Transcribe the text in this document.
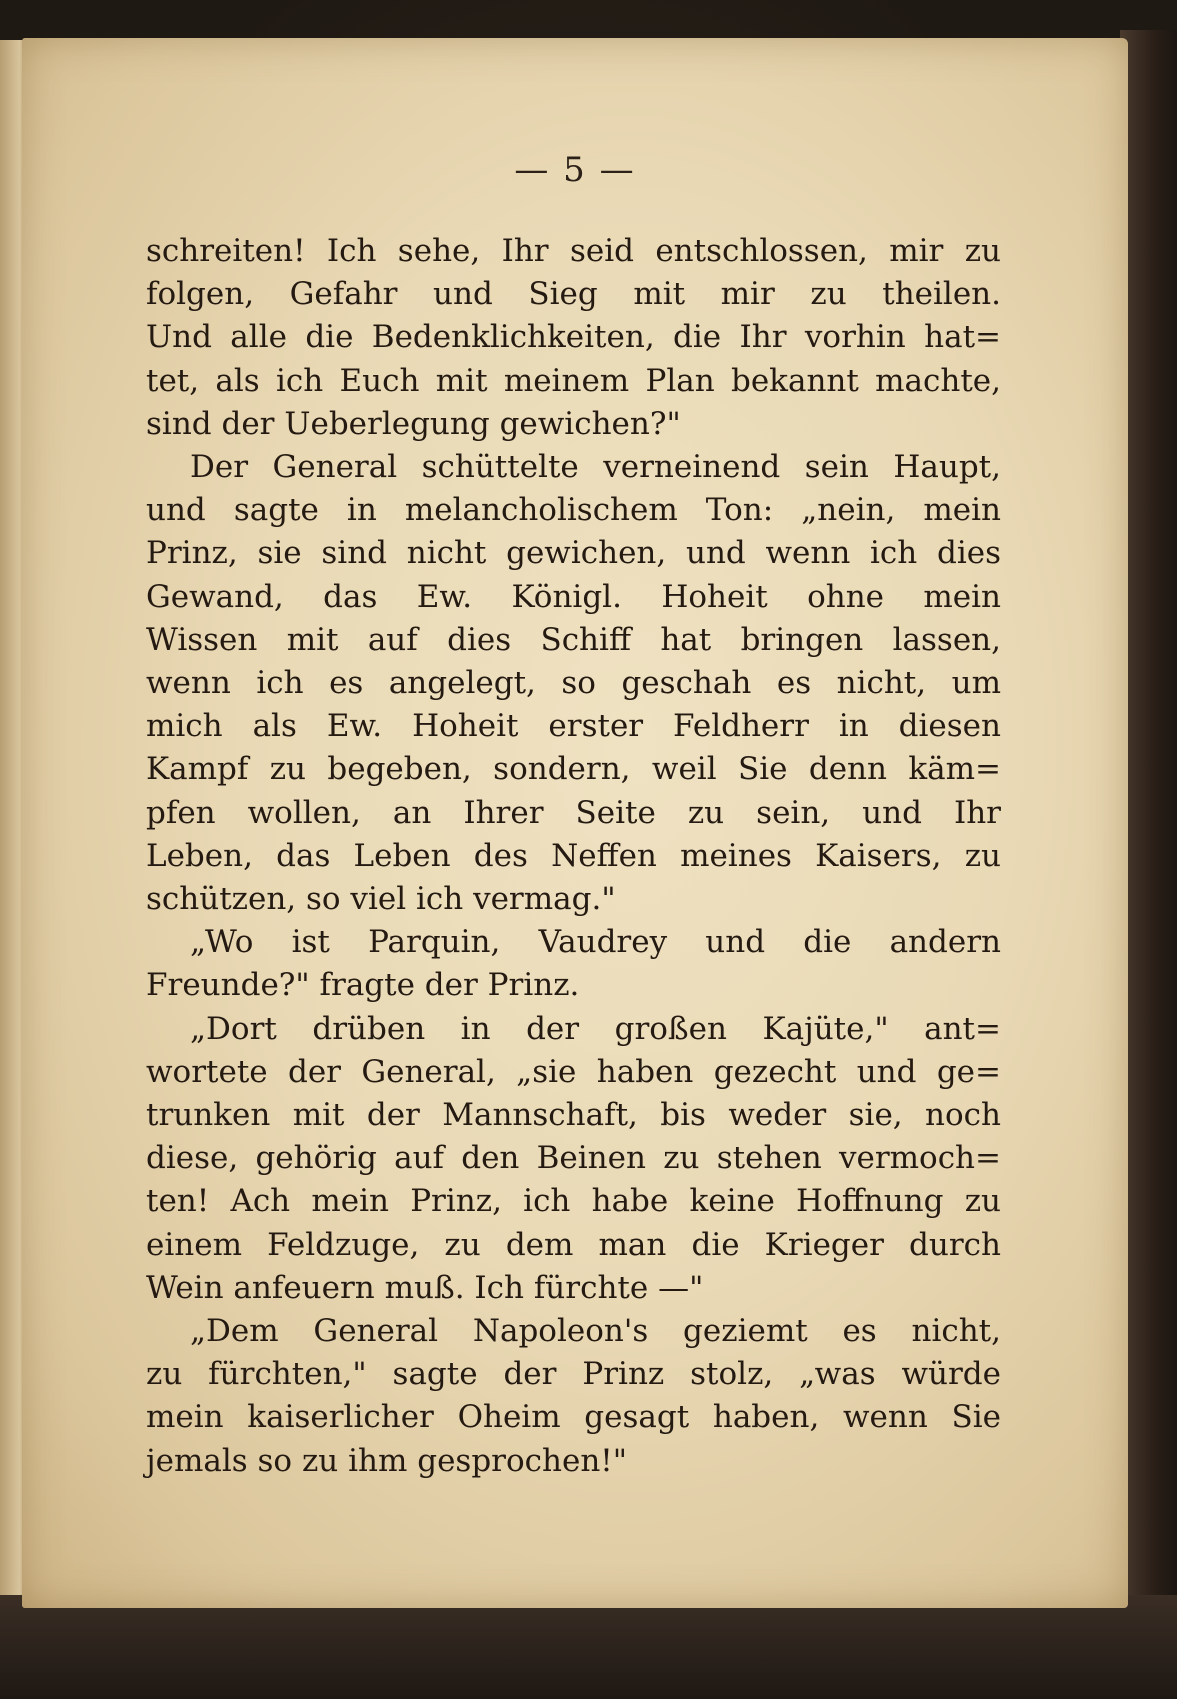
— 5 —
schreiten! Ich sehe, Ihr seid entschlossen, mir zu
folgen, Gefahr und Sieg mit mir zu theilen.
Und alle die Bedenklichkeiten, die Ihr vorhin hat=
tet, als ich Euch mit meinem Plan bekannt machte,
sind der Ueberlegung gewichen?"
Der General schüttelte verneinend sein Haupt,
und sagte in melancholischem Ton: „nein, mein
Prinz, sie sind nicht gewichen, und wenn ich dies
Gewand, das Ew. Königl. Hoheit ohne mein
Wissen mit auf dies Schiff hat bringen lassen,
wenn ich es angelegt, so geschah es nicht, um
mich als Ew. Hoheit erster Feldherr in diesen
Kampf zu begeben, sondern, weil Sie denn käm=
pfen wollen, an Ihrer Seite zu sein, und Ihr
Leben, das Leben des Neffen meines Kaisers, zu
schützen, so viel ich vermag."
„Wo ist Parquin, Vaudrey und die andern
Freunde?" fragte der Prinz.
„Dort drüben in der großen Kajüte," ant=
wortete der General, „sie haben gezecht und ge=
trunken mit der Mannschaft, bis weder sie, noch
diese, gehörig auf den Beinen zu stehen vermoch=
ten! Ach mein Prinz, ich habe keine Hoffnung zu
einem Feldzuge, zu dem man die Krieger durch
Wein anfeuern muß. Ich fürchte —"
„Dem General Napoleon's geziemt es nicht,
zu fürchten," sagte der Prinz stolz, „was würde
mein kaiserlicher Oheim gesagt haben, wenn Sie
jemals so zu ihm gesprochen!"
